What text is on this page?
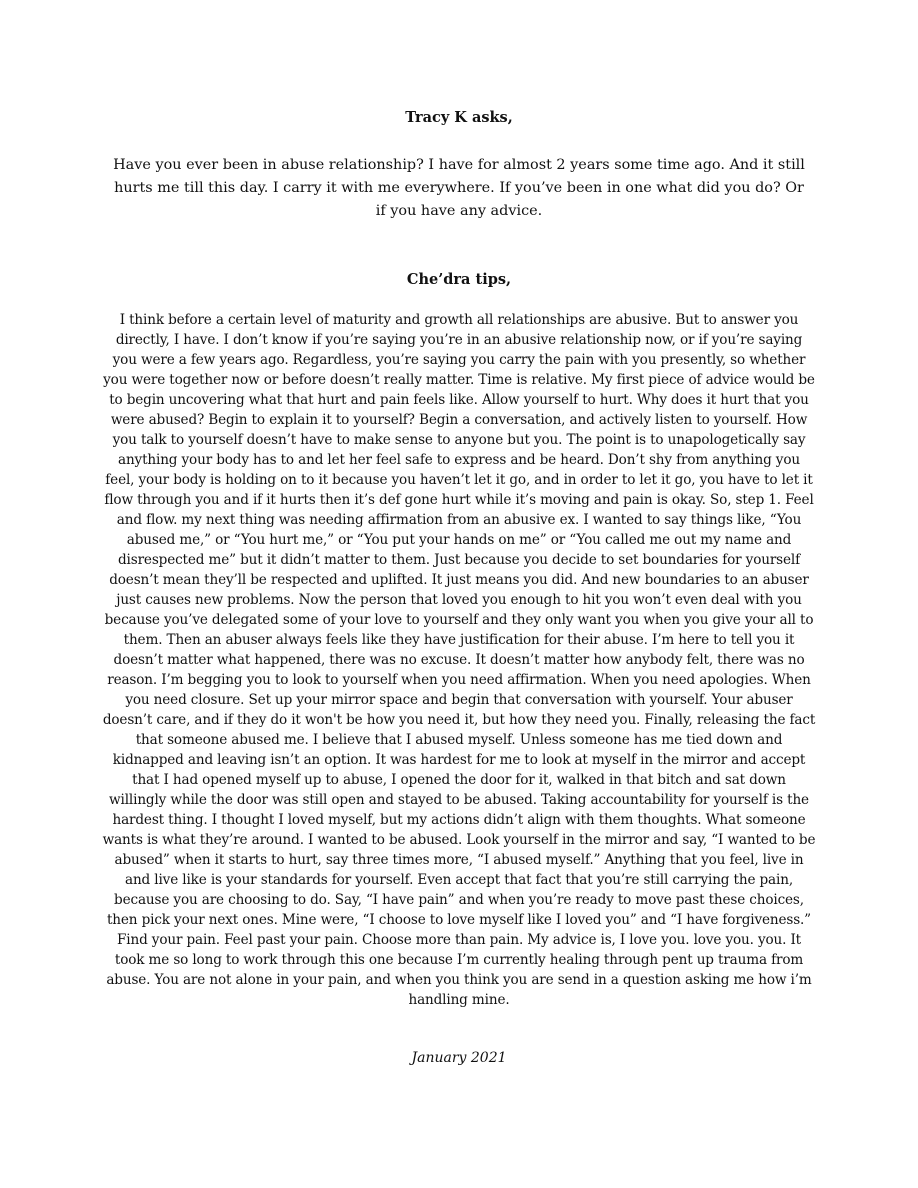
Tracy K asks,

Have you ever been in abuse relationship? I have for almost 2 years some time ago. And it still hurts me till this day. I carry it with me everywhere. If you’ve been in one what did you do? Or if you have any advice.

Che’dra tips,

I think before a certain level of maturity and growth all relationships are abusive. But to answer you directly, I have. I don’t know if you’re saying you’re in an abusive relationship now, or if you’re saying you were a few years ago. Regardless, you’re saying you carry the pain with you presently, so whether you were together now or before doesn’t really matter. Time is relative. My first piece of advice would be to begin uncovering what that hurt and pain feels like. Allow yourself to hurt. Why does it hurt that you were abused? Begin to explain it to yourself? Begin a conversation, and actively listen to yourself. How you talk to yourself doesn’t have to make sense to anyone but you. The point is to unapologetically say anything your body has to and let her feel safe to express and be heard. Don’t shy from anything you feel, your body is holding on to it because you haven’t let it go, and in order to let it go, you have to let it flow through you and if it hurts then it’s def gone hurt while it’s moving and pain is okay. So, step 1. Feel and flow. my next thing was needing affirmation from an abusive ex. I wanted to say things like, “You abused me,” or “You hurt me,” or “You put your hands on me” or “You called me out my name and disrespected me” but it didn’t matter to them. Just because you decide to set boundaries for yourself doesn’t mean they’ll be respected and uplifted. It just means you did. And new boundaries to an abuser just causes new problems. Now the person that loved you enough to hit you won’t even deal with you because you’ve delegated some of your love to yourself and they only want you when you give your all to them. Then an abuser always feels like they have justification for their abuse. I’m here to tell you it doesn’t matter what happened, there was no excuse. It doesn’t matter how anybody felt, there was no reason. I’m begging you to look to yourself when you need affirmation. When you need apologies. When you need closure. Set up your mirror space and begin that conversation with yourself. Your abuser doesn’t care, and if they do it won't be how you need it, but how they need you. Finally, releasing the fact that someone abused me. I believe that I abused myself. Unless someone has me tied down and kidnapped and leaving isn’t an option. It was hardest for me to look at myself in the mirror and accept that I had opened myself up to abuse, I opened the door for it, walked in that bitch and sat down willingly while the door was still open and stayed to be abused. Taking accountability for yourself is the hardest thing. I thought I loved myself, but my actions didn’t align with them thoughts. What someone wants is what they’re around. I wanted to be abused. Look yourself in the mirror and say, “I wanted to be abused” when it starts to hurt, say three times more, “I abused myself.” Anything that you feel, live in and live like is your standards for yourself. Even accept that fact that you’re still carrying the pain, because you are choosing to do. Say, “I have pain” and when you’re ready to move past these choices, then pick your next ones. Mine were, “I choose to love myself like I loved you” and “I have forgiveness.” Find your pain. Feel past your pain. Choose more than pain. My advice is, I love you. love you. you. It took me so long to work through this one because I’m currently healing through pent up trauma from abuse. You are not alone in your pain, and when you think you are send in a question asking me how i’m handling mine.

January 2021
